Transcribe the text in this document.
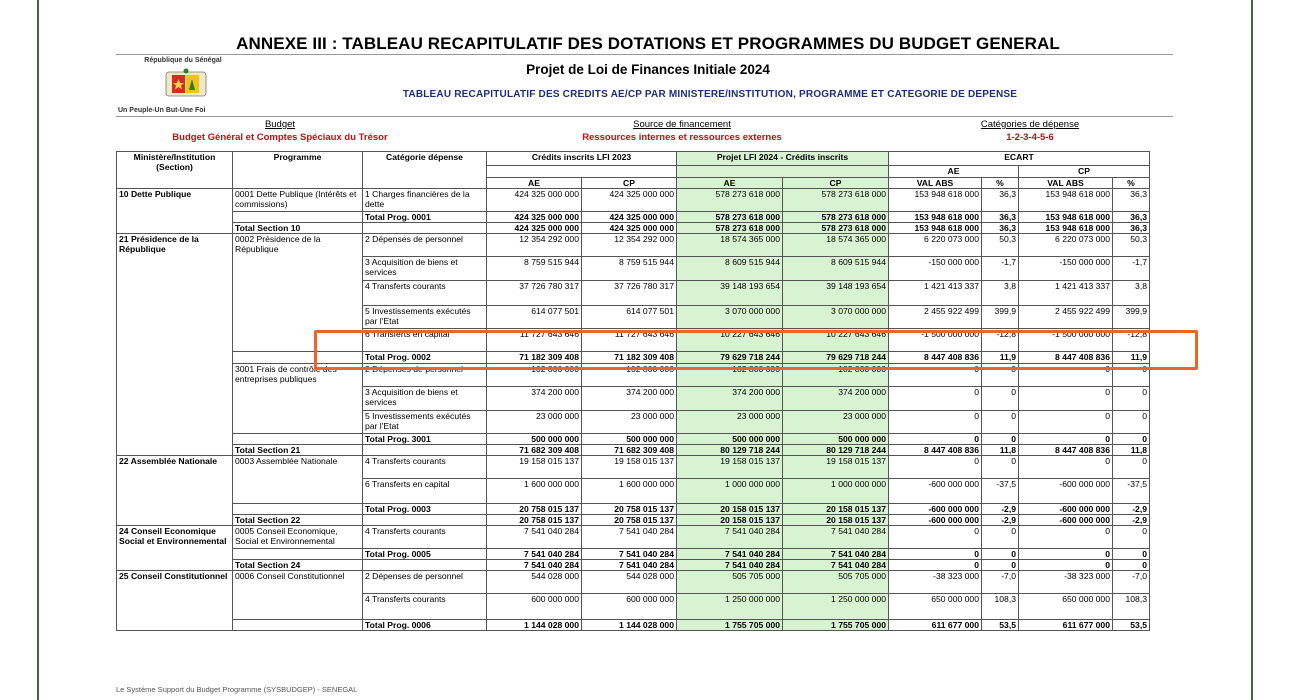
ANNEXE III : TABLEAU RECAPITULATIF DES DOTATIONS ET PROGRAMMES DU BUDGET GENERAL
République du Sénégal
Un Peuple-Un But-Une Foi
Projet de Loi de Finances Initiale 2024
TABLEAU RECAPITULATIF DES CREDITS AE/CP PAR MINISTERE/INSTITUTION, PROGRAMME ET CATEGORIE DE DEPENSE
Budget
Budget Général et Comptes Spéciaux du Trésor
Source de financement
Ressources internes et ressources externes
Catégories de dépense
1-2-3-4-5-6
Ministère/Institution (Section)	Programme	Catégorie dépense	Crédits inscrits LFI 2023		Projet LFI 2024 - Crédits inscrits		ECART			
							AE		CP	
			AE	CP	AE	CP	VAL ABS	%	VAL ABS	%
10 Dette Publique	0001 Dette Publique (Intérêts et commissions)	1 Charges financières de la dette	424 325 000 000	424 325 000 000	578 273 618 000	578 273 618 000	153 948 618 000	36,3	153 948 618 000	36,3
		Total Prog. 0001	424 325 000 000	424 325 000 000	578 273 618 000	578 273 618 000	153 948 618 000	36,3	153 948 618 000	36,3
	Total Section 10		424 325 000 000	424 325 000 000	578 273 618 000	578 273 618 000	153 948 618 000	36,3	153 948 618 000	36,3
21 Présidence de la République	0002 Présidence de la République	2 Dépenses de personnel	12 354 292 000	12 354 292 000	18 574 365 000	18 574 365 000	6 220 073 000	50,3	6 220 073 000	50,3
		3 Acquisition de biens et services	8 759 515 944	8 759 515 944	8 609 515 944	8 609 515 944	-150 000 000	-1,7	-150 000 000	-1,7
		4 Transferts courants	37 726 780 317	37 726 780 317	39 148 193 654	39 148 193 654	1 421 413 337	3,8	1 421 413 337	3,8
		5 Investissements exécutés par l'Etat	614 077 501	614 077 501	3 070 000 000	3 070 000 000	2 455 922 499	399,9	2 455 922 499	399,9
		6 Transferts en capital	11 727 643 646	11 727 643 646	10 227 643 646	10 227 643 646	-1 500 000 000	-12,8	-1 500 000 000	-12,8
		Total Prog. 0002	71 182 309 408	71 182 309 408	79 629 718 244	79 629 718 244	8 447 408 836	11,9	8 447 408 836	11,9
	3001 Frais de contrôle des entreprises publiques	2 Dépenses de personnel	102 800 000	102 800 000	102 800 000	102 800 000	0	0	0	0
		3 Acquisition de biens et services	374 200 000	374 200 000	374 200 000	374 200 000	0	0	0	0
		5 Investissements exécutés par l'Etat	23 000 000	23 000 000	23 000 000	23 000 000	0	0	0	0
		Total Prog. 3001	500 000 000	500 000 000	500 000 000	500 000 000	0	0	0	0
	Total Section 21		71 682 309 408	71 682 309 408	80 129 718 244	80 129 718 244	8 447 408 836	11,8	8 447 408 836	11,8
22 Assemblée Nationale	0003 Assemblée Nationale	4 Transferts courants	19 158 015 137	19 158 015 137	19 158 015 137	19 158 015 137	0	0	0	0
		6 Transferts en capital	1 600 000 000	1 600 000 000	1 000 000 000	1 000 000 000	-600 000 000	-37,5	-600 000 000	-37,5
		Total Prog. 0003	20 758 015 137	20 758 015 137	20 158 015 137	20 158 015 137	-600 000 000	-2,9	-600 000 000	-2,9
	Total Section 22		20 758 015 137	20 758 015 137	20 158 015 137	20 158 015 137	-600 000 000	-2,9	-600 000 000	-2,9
24 Conseil Economique Social et Environnemental	0005 Conseil Economique, Social et Environnemental	4 Transferts courants	7 541 040 284	7 541 040 284	7 541 040 284	7 541 040 284	0	0	0	0
		Total Prog. 0005	7 541 040 284	7 541 040 284	7 541 040 284	7 541 040 284	0	0	0	0
	Total Section 24		7 541 040 284	7 541 040 284	7 541 040 284	7 541 040 284	0	0	0	0
25 Conseil Constitutionnel	0006 Conseil Constitutionnel	2 Dépenses de personnel	544 028 000	544 028 000	505 705 000	505 705 000	-38 323 000	-7,0	-38 323 000	-7,0
		4 Transferts courants	600 000 000	600 000 000	1 250 000 000	1 250 000 000	650 000 000	108,3	650 000 000	108,3
		Total Prog. 0006	1 144 028 000	1 144 028 000	1 755 705 000	1 755 705 000	611 677 000	53,5	611 677 000	53,5
Le Système Support du Budget Programme (SYSBUDGEP) - SENEGAL
